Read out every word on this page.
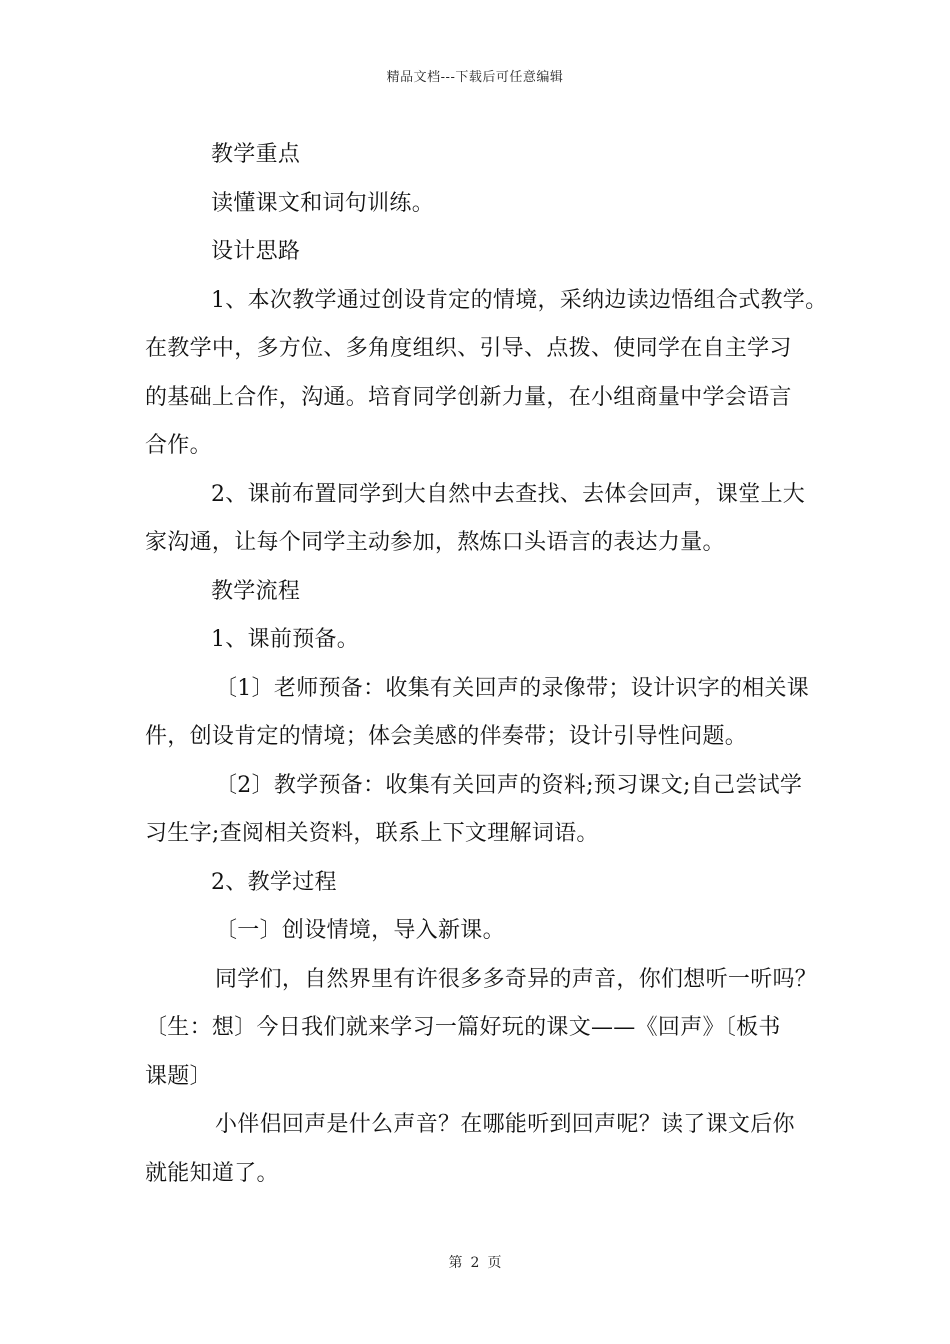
精品文档---下载后可任意编辑
教学重点
读懂课文和词句训练。
设计思路
1、本次教学通过创设肯定的情境，采纳边读边悟组合式教学。
在教学中，多方位、多角度组织、引导、点拨、使同学在自主学习
的基础上合作，沟通。培育同学创新力量，在小组商量中学会语言
合作。
2、课前布置同学到大自然中去查找、去体会回声，课堂上大
家沟通，让每个同学主动参加，熬炼口头语言的表达力量。
教学流程
1、课前预备。
〔1〕老师预备：收集有关回声的录像带；设计识字的相关课
件，创设肯定的情境；体会美感的伴奏带；设计引导性问题。
〔2〕教学预备：收集有关回声的资料;预习课文;自己尝试学
习生字;查阅相关资料，联系上下文理解词语。
2、教学过程
〔一〕创设情境，导入新课。
同学们，自然界里有许很多多奇异的声音，你们想听一听吗？
〔生：想〕今日我们就来学习一篇好玩的课文——《回声》〔板书
课题〕
小伴侣回声是什么声音？在哪能听到回声呢？读了课文后你
就能知道了。
第 2 页
